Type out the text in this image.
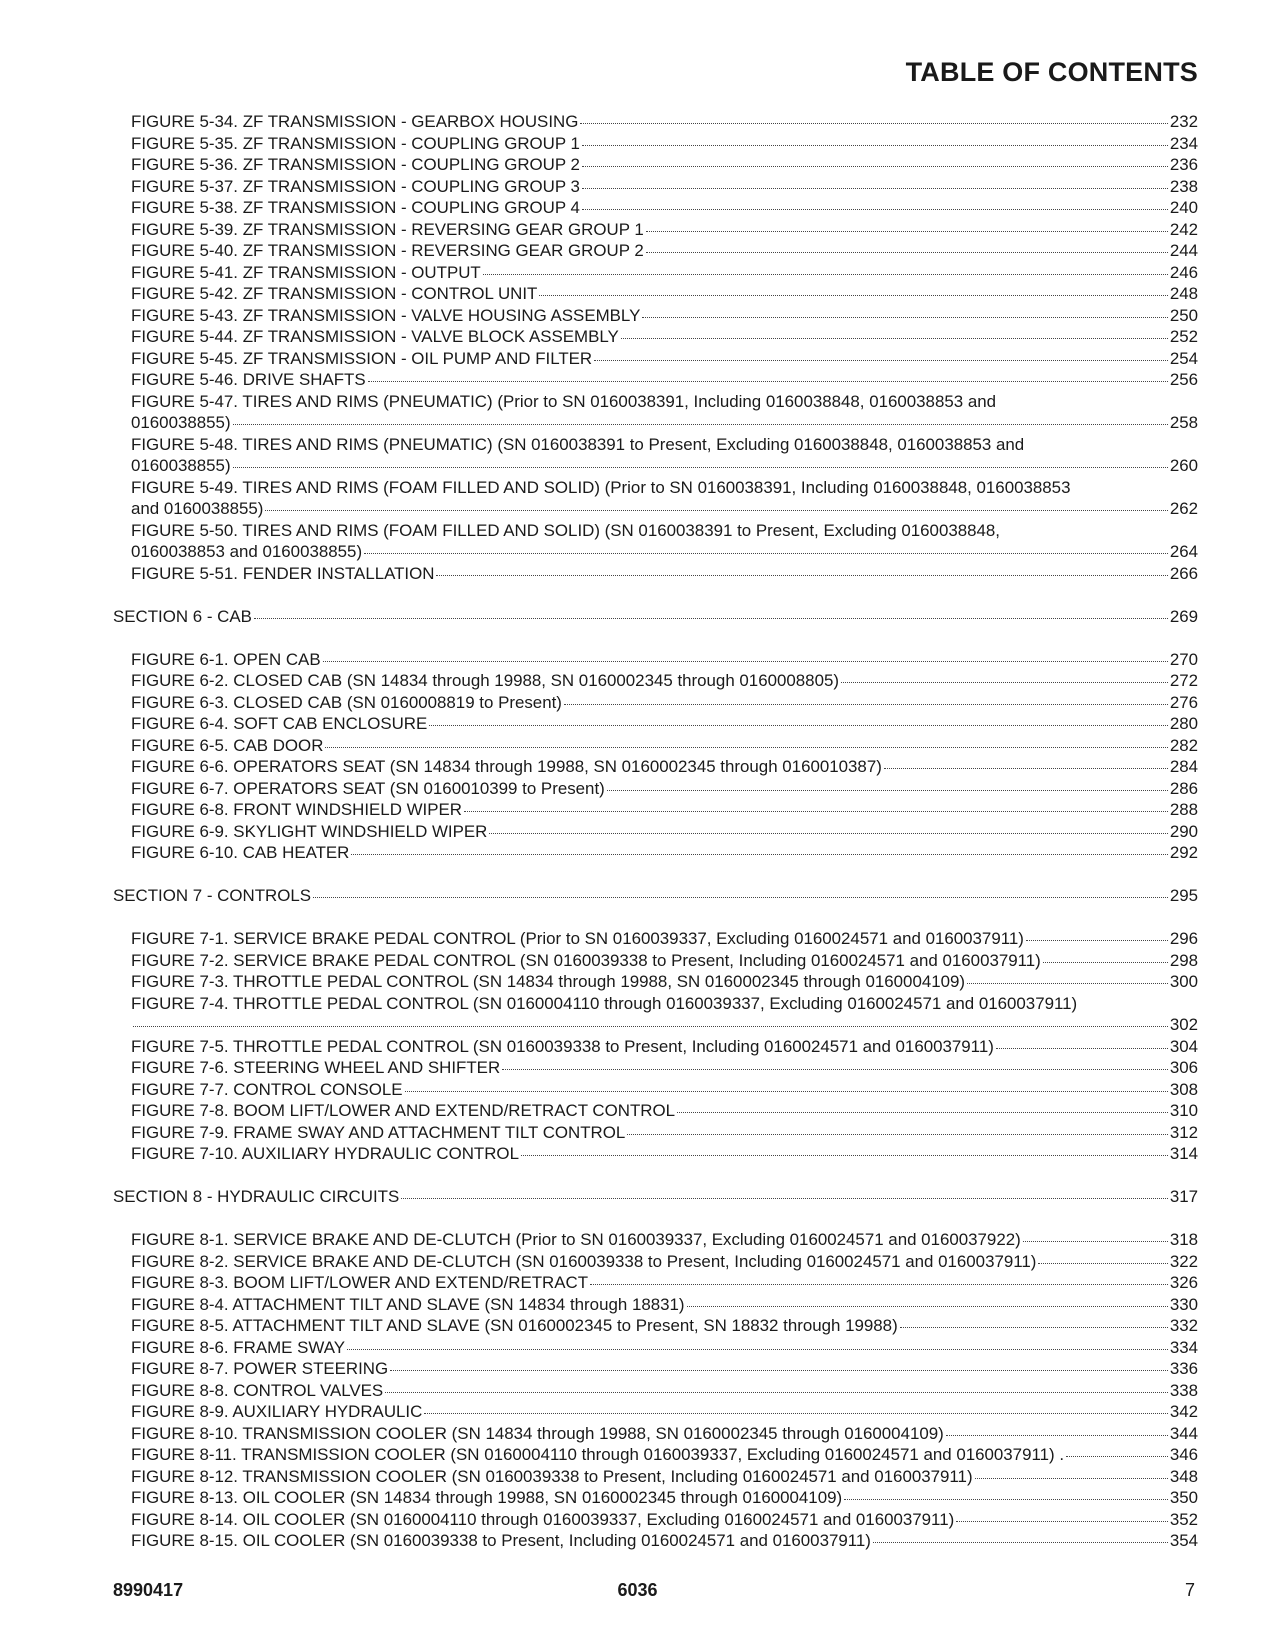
TABLE OF CONTENTS
FIGURE 5-34. ZF TRANSMISSION - GEARBOX HOUSING	232
FIGURE 5-35. ZF TRANSMISSION - COUPLING GROUP 1	234
FIGURE 5-36. ZF TRANSMISSION - COUPLING GROUP 2	236
FIGURE 5-37. ZF TRANSMISSION - COUPLING GROUP 3	238
FIGURE 5-38. ZF TRANSMISSION - COUPLING GROUP 4	240
FIGURE 5-39. ZF TRANSMISSION - REVERSING GEAR GROUP 1	242
FIGURE 5-40. ZF TRANSMISSION - REVERSING GEAR GROUP 2	244
FIGURE 5-41. ZF TRANSMISSION - OUTPUT	246
FIGURE 5-42. ZF TRANSMISSION - CONTROL UNIT	248
FIGURE 5-43. ZF TRANSMISSION - VALVE HOUSING ASSEMBLY	250
FIGURE 5-44. ZF TRANSMISSION - VALVE BLOCK ASSEMBLY	252
FIGURE 5-45. ZF TRANSMISSION - OIL PUMP AND FILTER	254
FIGURE 5-46. DRIVE SHAFTS	256
FIGURE 5-47. TIRES AND RIMS (PNEUMATIC) (Prior to SN 0160038391, Including 0160038848, 0160038853 and
0160038855)	258
FIGURE 5-48. TIRES AND RIMS (PNEUMATIC) (SN 0160038391 to Present, Excluding 0160038848, 0160038853 and
0160038855)	260
FIGURE 5-49. TIRES AND RIMS (FOAM FILLED AND SOLID) (Prior to SN 0160038391, Including 0160038848, 0160038853
and 0160038855)	262
FIGURE 5-50. TIRES AND RIMS (FOAM FILLED AND SOLID) (SN 0160038391 to Present, Excluding 0160038848,
0160038853 and 0160038855)	264
FIGURE 5-51. FENDER INSTALLATION	266
SECTION 6 - CAB	269
FIGURE 6-1. OPEN CAB	270
FIGURE 6-2. CLOSED CAB (SN 14834 through 19988, SN 0160002345 through 0160008805)	272
FIGURE 6-3. CLOSED CAB (SN 0160008819 to Present)	276
FIGURE 6-4. SOFT CAB ENCLOSURE	280
FIGURE 6-5. CAB DOOR	282
FIGURE 6-6. OPERATORS SEAT (SN 14834 through 19988, SN 0160002345 through 0160010387)	284
FIGURE 6-7. OPERATORS SEAT (SN 0160010399 to Present)	286
FIGURE 6-8. FRONT WINDSHIELD WIPER	288
FIGURE 6-9. SKYLIGHT WINDSHIELD WIPER	290
FIGURE 6-10. CAB HEATER	292
SECTION 7 - CONTROLS	295
FIGURE 7-1. SERVICE BRAKE PEDAL CONTROL (Prior to SN 0160039337, Excluding 0160024571 and 0160037911)	296
FIGURE 7-2. SERVICE BRAKE PEDAL CONTROL (SN 0160039338 to Present, Including 0160024571 and 0160037911)	298
FIGURE 7-3. THROTTLE PEDAL CONTROL (SN 14834 through 19988, SN 0160002345 through 0160004109)	300
FIGURE 7-4. THROTTLE PEDAL CONTROL (SN 0160004110 through 0160039337, Excluding 0160024571 and 0160037911)
302
FIGURE 7-5. THROTTLE PEDAL CONTROL (SN 0160039338 to Present, Including 0160024571 and 0160037911)	304
FIGURE 7-6. STEERING WHEEL AND SHIFTER	306
FIGURE 7-7. CONTROL CONSOLE	308
FIGURE 7-8. BOOM LIFT/LOWER AND EXTEND/RETRACT CONTROL	310
FIGURE 7-9. FRAME SWAY AND ATTACHMENT TILT CONTROL	312
FIGURE 7-10. AUXILIARY HYDRAULIC CONTROL	314
SECTION 8 - HYDRAULIC CIRCUITS	317
FIGURE 8-1. SERVICE BRAKE AND DE-CLUTCH (Prior to SN 0160039337, Excluding 0160024571 and 0160037922)	318
FIGURE 8-2. SERVICE BRAKE AND DE-CLUTCH (SN 0160039338 to Present, Including 0160024571 and 0160037911)	322
FIGURE 8-3. BOOM LIFT/LOWER AND EXTEND/RETRACT	326
FIGURE 8-4. ATTACHMENT TILT AND SLAVE (SN 14834 through 18831)	330
FIGURE 8-5. ATTACHMENT TILT AND SLAVE (SN 0160002345 to Present, SN 18832 through 19988)	332
FIGURE 8-6. FRAME SWAY	334
FIGURE 8-7. POWER STEERING	336
FIGURE 8-8. CONTROL VALVES	338
FIGURE 8-9. AUXILIARY HYDRAULIC	342
FIGURE 8-10. TRANSMISSION COOLER (SN 14834 through 19988, SN 0160002345 through 0160004109)	344
FIGURE 8-11. TRANSMISSION COOLER (SN 0160004110 through 0160039337, Excluding 0160024571 and 0160037911) .	346
FIGURE 8-12. TRANSMISSION COOLER (SN 0160039338 to Present, Including 0160024571 and 0160037911)	348
FIGURE 8-13. OIL COOLER (SN 14834 through 19988, SN 0160002345 through 0160004109)	350
FIGURE 8-14. OIL COOLER (SN 0160004110 through 0160039337, Excluding 0160024571 and 0160037911)	352
FIGURE 8-15. OIL COOLER (SN 0160039338 to Present, Including 0160024571 and 0160037911)	354
8990417	6036	7
